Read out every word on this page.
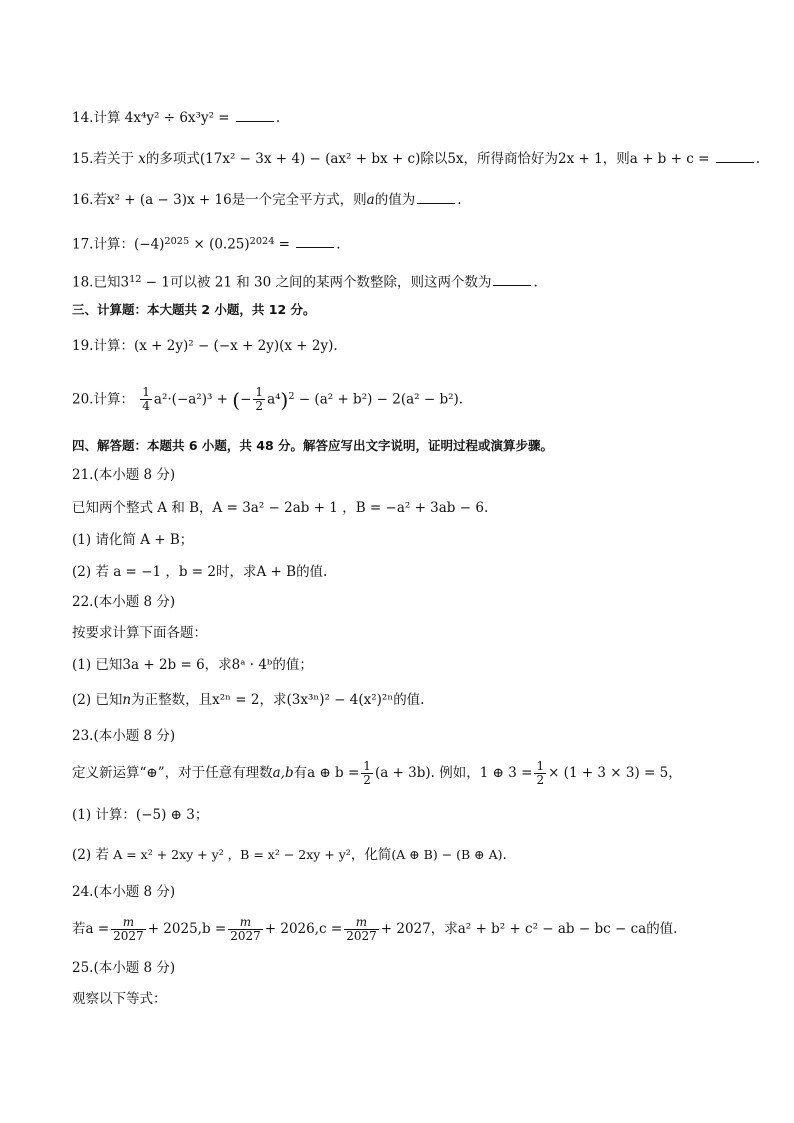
14.计算 4x⁴y² ÷ 6x³y² =	.
15.若关于 x的多项式(17x² − 3x + 4) − (ax² + bx + c)除以5x，所得商恰好为2x + 1，则a + b + c =	.
16.若x² + (a − 3)x + 16是一个完全平方式，则a的值为	.
17.计算：$(-4)^{2025} \times (0.25)^{2024}$ =	.
18.已知$3^{12} - 1$可以被 21 和 30 之间的某两个数整除，则这两个数为	.
三、计算题：本大题共 2 小题，共 12 分。
19.计算：(x + 2y)² − (−x + 2y)(x + 2y).
20.计算： $\frac{1}{4} a^2\cdot(-a^2)^3$ + (− $\frac{1}{2} a^4)^2 - (a^2 + b^2) - 2(a^2 - b^2)$.
四、解答题：本题共 6 小题，共 48 分。解答应写出文字说明，证明过程或演算步骤。
21.(本小题 8 分)
已知两个整式 A 和 B，A = 3a² − 2ab + 1 ，B = −a² + 3ab − 6.
(1) 请化简 A + B；
(2) 若 a = −1 ，b = 2时，求A + B的值.
22.(本小题 8 分)
按要求计算下面各题：
(1) 已知3a + 2b = 6，求8ᵃ · 4ᵇ的值；
(2) 已知n为正整数，且x²ⁿ = 2，求(3x³ⁿ)² − 4(x²)²ⁿ的值.
23.(本小题 8 分)
定义新运算“⊕”，对于任意有理数a,b有a ⊕ $b = \frac{1}{2} (a + 3b)$. 例如，1 ⊕ $3 = \frac{1}{2} \times (1 + 3 \times 3) = 5$，
(1) 计算：(−5) ⊕ 3；
(2) 若 A = x² + 2xy + y² ，B = x² − 2xy + y²，化简(A ⊕ B) − (B ⊕ A).
24.(本小题 8 分)
若$a = \frac{m}{2027} + 2025,b = \frac{m}{2027} + 2026,c = \frac{m}{2027} + 2027$，求a² + b² + c² − ab − bc − ca的值.
25.(本小题 8 分)
观察以下等式：
